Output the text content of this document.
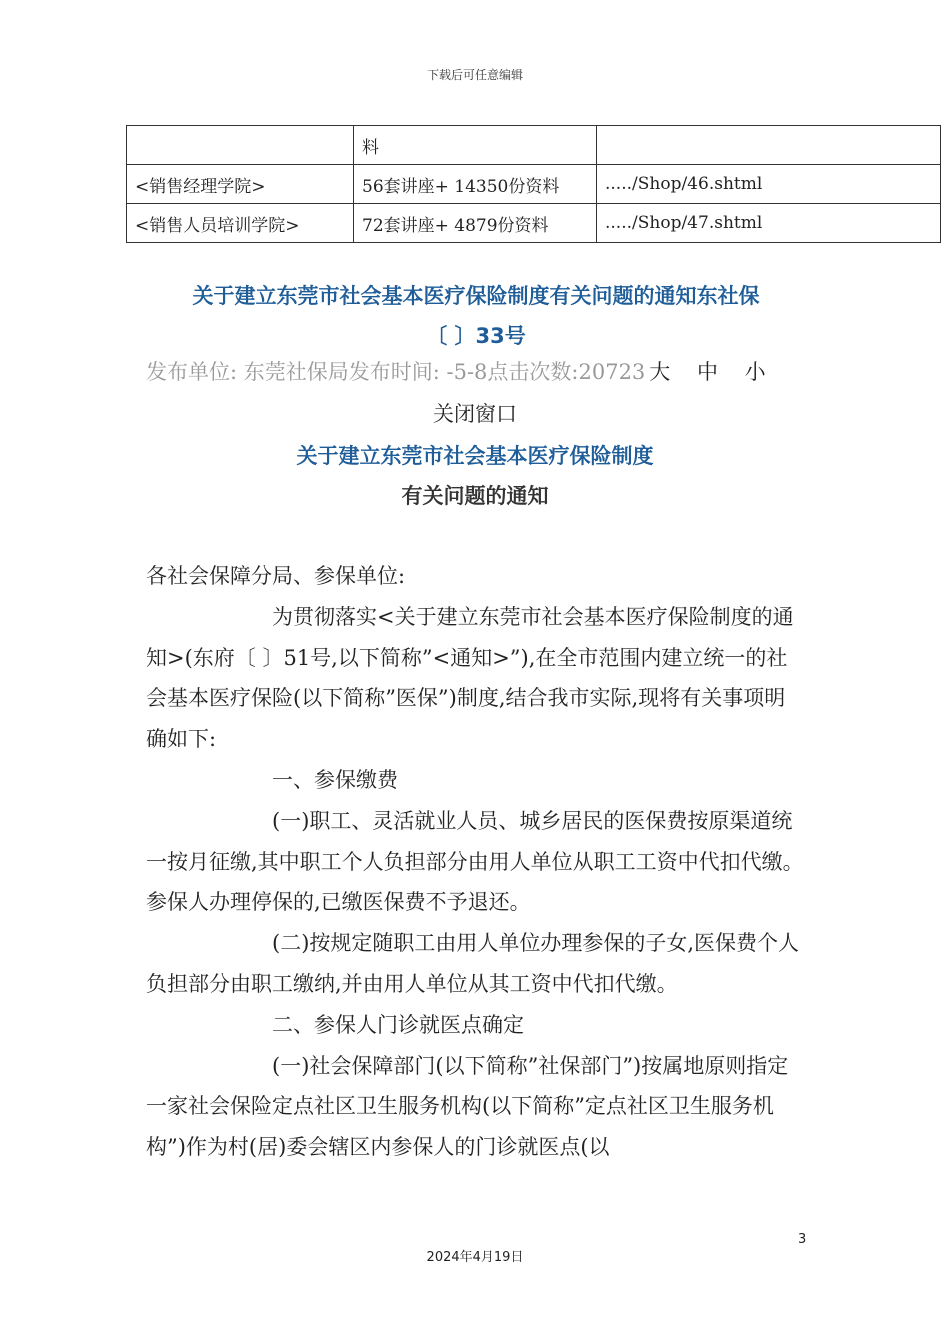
下载后可任意编辑
	料	
<销售经理学院>	56套讲座+ 14350份资料	...../Shop/46.shtml
<销售人员培训学院>	72套讲座+ 4879份资料	...../Shop/47.shtml
关于建立东莞市社会基本医疗保险制度有关问题的通知东社保
〔 〕33号
发布单位: 东莞社保局发布时间: -5-8点击次数:20723 大 中 小
关闭窗口
关于建立东莞市社会基本医疗保险制度
有关问题的通知

各社会保障分局、参保单位:

为贯彻落实<关于建立东莞市社会基本医疗保险制度的通知>(东府〔 〕51号,以下简称”<通知>”),在全市范围内建立统一的社会基本医疗保险(以下简称”医保”)制度,结合我市实际,现将有关事项明确如下:

一、参保缴费

(一)职工、灵活就业人员、城乡居民的医保费按原渠道统一按月征缴,其中职工个人负担部分由用人单位从职工工资中代扣代缴。参保人办理停保的,已缴医保费不予退还。

(二)按规定随职工由用人单位办理参保的子女,医保费个人负担部分由职工缴纳,并由用人单位从其工资中代扣代缴。

二、参保人门诊就医点确定

(一)社会保障部门(以下简称”社保部门”)按属地原则指定一家社会保险定点社区卫生服务机构(以下简称”定点社区卫生服务机构”)作为村(居)委会辖区内参保人的门诊就医点(以

3
2024年4月19日
